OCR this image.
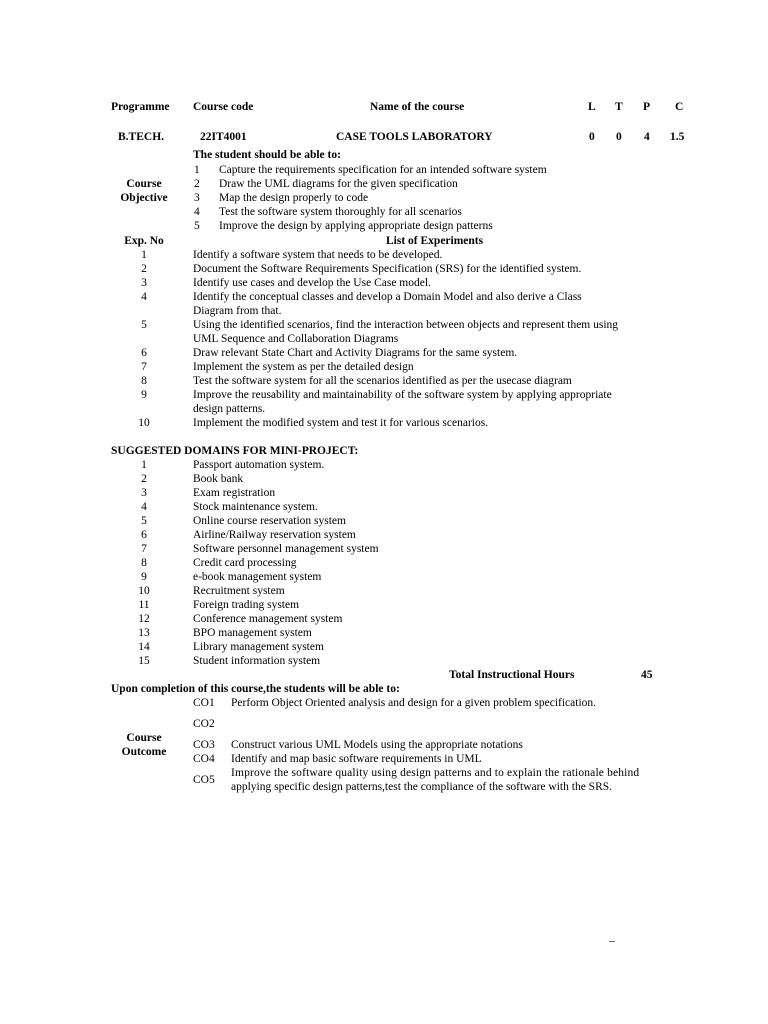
Programme Course code	Name of the course	L T P C
B.TECH.	22IT4001	CASE TOOLS LABORATORY	0 0 4 1.5
The student should be able to:
Course
Objective
1 Capture the requirements specification for an intended software system
2 Draw the UML diagrams for the given specification
3 Map the design properly to code
4 Test the software system thoroughly for all scenarios
5 Improve the design by applying appropriate design patterns
Exp. No	List of Experiments
1	Identify a software system that needs to be developed.
2	Document the Software Requirements Specification (SRS) for the identified system.
3	Identify use cases and develop the Use Case model.
4	Identify the conceptual classes and develop a Domain Model and also derive a Class
Diagram from that.
5	Using the identified scenarios, find the interaction between objects and represent them using
UML Sequence and Collaboration Diagrams
6	Draw relevant State Chart and Activity Diagrams for the same system.
7	Implement the system as per the detailed design
8	Test the software system for all the scenarios identified as per the usecase diagram
9	Improve the reusability and maintainability of the software system by applying appropriate
design patterns.
10	Implement the modified system and test it for various scenarios.
SUGGESTED DOMAINS FOR MINI-PROJECT:
1	Passport automation system.
2	Book bank
3	Exam registration
4	Stock maintenance system.
5	Online course reservation system
6	Airline/Railway reservation system
7	Software personnel management system
8	Credit card processing
9	e-book management system
10	Recruitment system
11	Foreign trading system
12	Conference management system
13	BPO management system
14	Library management system
15	Student information system
Total Instructional Hours	45
Upon completion of this course,the students will be able to:
Course
Outcome
CO1 Perform Object Oriented analysis and design for a given problem specification.
CO2
CO3 Construct various UML Models using the appropriate notations
CO4 Identify and map basic software requirements in UML
CO5
Improve the software quality using design patterns and to explain the rationale behind
applying specific design patterns,test the compliance of the software with the SRS.
–
